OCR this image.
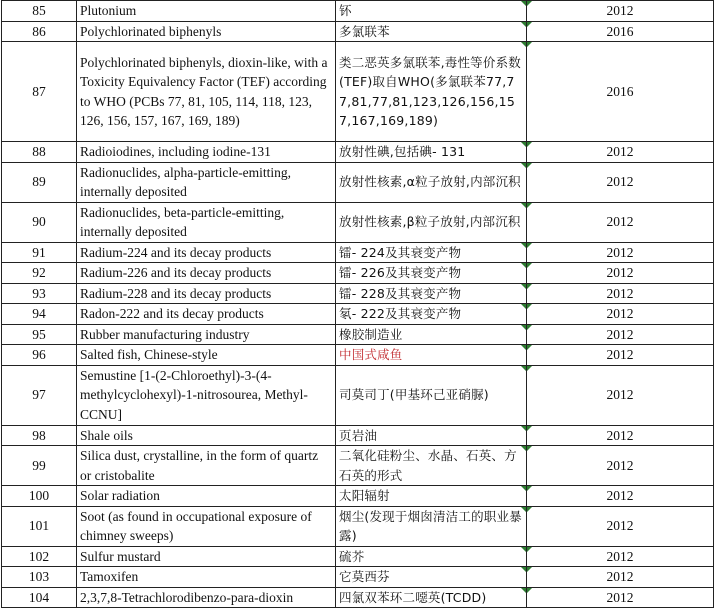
85	Plutonium	钚	2012
86	Polychlorinated biphenyls	多氯联苯	2016
87	Polychlorinated biphenyls, dioxin-like, with a Toxicity Equivalency Factor (TEF) according to WHO (PCBs 77, 81, 105, 114, 118, 123, 126, 156, 157, 167, 169, 189)	类二恶英多氯联苯,毒性等价系数(TEF)取自WHO(多氯联苯77,77,81,77,81,123,126,156,157,167,169,189)	2016
88	Radioiodines, including iodine-131	放射性碘,包括碘- 131	2012
89	Radionuclides, alpha-particle-emitting, internally deposited	放射性核素,α粒子放射,内部沉积	2012
90	Radionuclides, beta-particle-emitting, internally deposited	放射性核素,β粒子放射,内部沉积	2012
91	Radium-224 and its decay products	镭- 224及其衰变产物	2012
92	Radium-226 and its decay products	镭- 226及其衰变产物	2012
93	Radium-228 and its decay products	镭- 228及其衰变产物	2012
94	Radon-222 and its decay products	氡- 222及其衰变产物	2012
95	Rubber manufacturing industry	橡胶制造业	2012
96	Salted fish, Chinese-style	中国式咸鱼	2012
97	Semustine [1-(2-Chloroethyl)-3-(4-methylcyclohexyl)-1-nitrosourea, Methyl-CCNU]	司莫司丁(甲基环己亚硝脲)	2012
98	Shale oils	页岩油	2012
99	Silica dust, crystalline, in the form of quartz or cristobalite	二氧化硅粉尘、水晶、石英、方石英的形式	2012
100	Solar radiation	太阳辐射	2012
101	Soot (as found in occupational exposure of chimney sweeps)	烟尘(发现于烟囱清洁工的职业暴露)	2012
102	Sulfur mustard	硫芥	2012
103	Tamoxifen	它莫西芬	2012
104	2,3,7,8-Tetrachlorodibenzo-para-dioxin	四氯双苯环二噁英(TCDD)	2012
